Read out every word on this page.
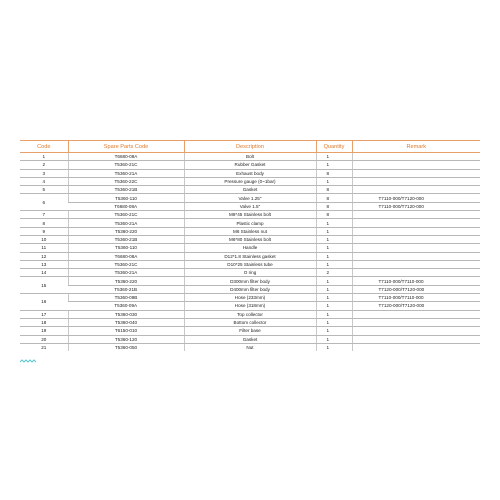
Code	Spare Parts Code	Description	Quantity	Remark
1	T6680-08A	Bolt	1	
2	T5360-21C	Rubber Gasket	1	
3	T5360-21A	Exhaust body	8	
4	T5360-22C	Pressure gauge (0~1bar)	1	
5	T5360-21B	Gasket	8	
6	T5360-110	Valve 1.25"	8	T7110-000/T7120-000
	T6680-08A	Valve 1.5"	8	T7110-000/T7120-000
7	T5360-21C	M8*45 Stainless bolt	8	
8	T5360-21A	Plastic clamp	1	
9	T5360-220	M6 Stainless nut	1	
10	T5360-21B	M6*80 Stainless bolt	1	
11	T5360-110	Handle	1	
12	T6680-08A	D12*1.8 Stainless gasket	1	
13	T5360-21C	D10*25 Stainless tube	1	
14	T5360-21A	O ring	2	
15	T5360-220	D300mm filter body	1	T7110-000/T7110-000
	T5360-21B	D400mm filter body	1	T7120-000/T7120-000
16	T5360-09B	Hose (233mm)	1	T7110-000/T7110-000
	T5360-09A	Hose (318mm)	1	T7120-000/T7120-000
17	T5360-030	Top collector	1	
18	T5360-040	Bottom collector	1	
19	T6150-010	Filter base	1	
20	T5360-120	Gasket	1	
21	T5360-050	Nut	1	
